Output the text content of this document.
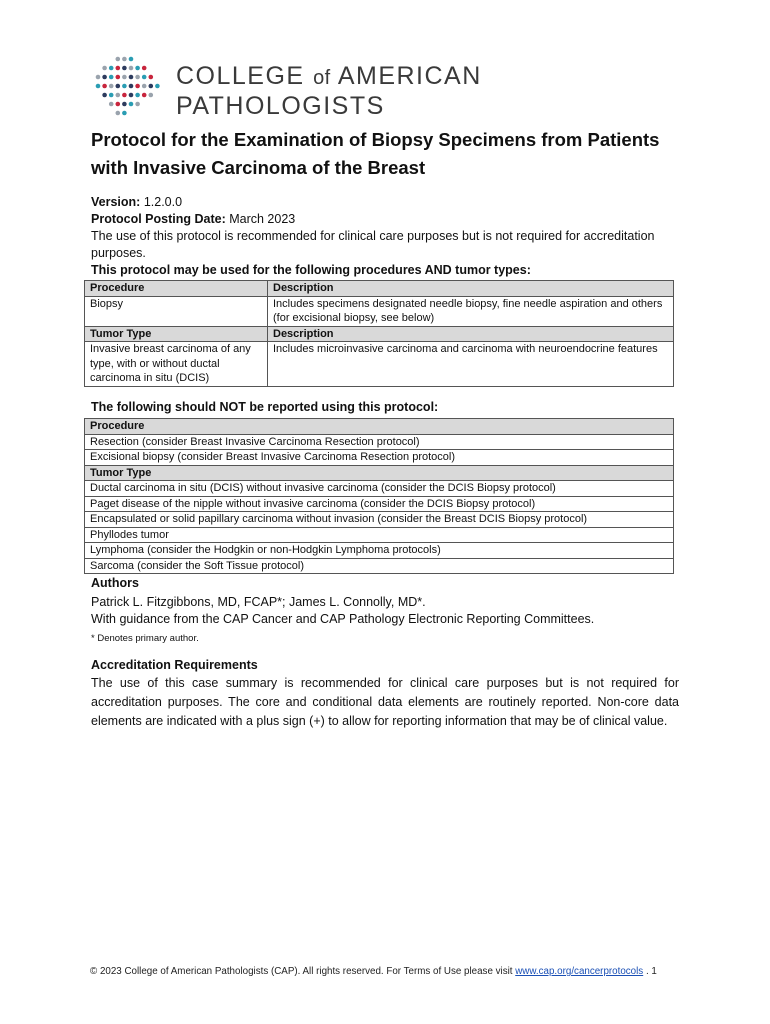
COLLEGE of AMERICAN
PATHOLOGISTS
Protocol for the Examination of Biopsy Specimens from Patients with Invasive Carcinoma of the Breast

Version: 1.2.0.0

Protocol Posting Date: March 2023

The use of this protocol is recommended for clinical care purposes but is not required for accreditation purposes.

This protocol may be used for the following procedures AND tumor types:

Procedure	Description
Biopsy	Includes specimens designated needle biopsy, fine needle aspiration and others (for excisional biopsy, see below)
Tumor Type	Description
Invasive breast carcinoma of any type, with or without ductal carcinoma in situ (DCIS)	Includes microinvasive carcinoma and carcinoma with neuroendocrine features

The following should NOT be reported using this protocol:

Procedure
Resection (consider Breast Invasive Carcinoma Resection protocol)
Excisional biopsy (consider Breast Invasive Carcinoma Resection protocol)
Tumor Type
Ductal carcinoma in situ (DCIS) without invasive carcinoma (consider the DCIS Biopsy protocol)
Paget disease of the nipple without invasive carcinoma (consider the DCIS Biopsy protocol)
Encapsulated or solid papillary carcinoma without invasion (consider the Breast DCIS Biopsy protocol)
Phyllodes tumor
Lymphoma (consider the Hodgkin or non-Hodgkin Lymphoma protocols)
Sarcoma (consider the Soft Tissue protocol)

Authors

Patrick L. Fitzgibbons, MD, FCAP*; James L. Connolly, MD*.

With guidance from the CAP Cancer and CAP Pathology Electronic Reporting Committees.

* Denotes primary author.

Accreditation Requirements

The use of this case summary is recommended for clinical care purposes but is not required for accreditation purposes. The core and conditional data elements are routinely reported. Non-core data elements are indicated with a plus sign (+) to allow for reporting information that may be of clinical value.

© 2023 College of American Pathologists (CAP). All rights reserved. For Terms of Use please visit www.cap.org/cancerprotocols . 1
